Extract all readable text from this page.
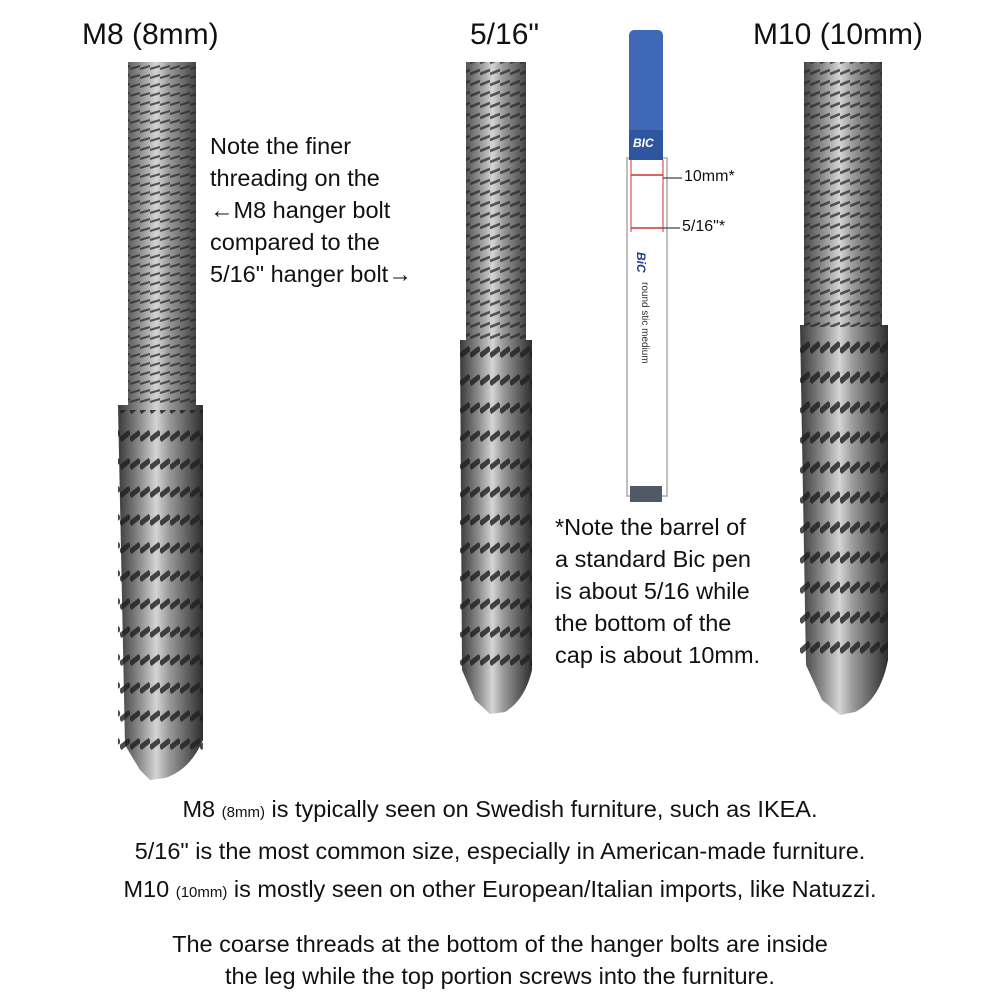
BIC
BiC
round stic medium
10mm*
5/16"*
M8 (8mm)	5/16"	M10 (10mm)
Note the finer
threading on the
←M8 hanger bolt
compared to the
5/16" hanger bolt→
*Note the barrel of
a standard Bic pen
is about 5/16 while
the bottom of the
cap is about 10mm.
M8 (8mm) is typically seen on Swedish furniture, such as IKEA.
5/16" is the most common size, especially in American-made furniture.
M10 (10mm) is mostly seen on other European/Italian imports, like Natuzzi.
The coarse threads at the bottom of the hanger bolts are inside
the leg while the top portion screws into the furniture.
